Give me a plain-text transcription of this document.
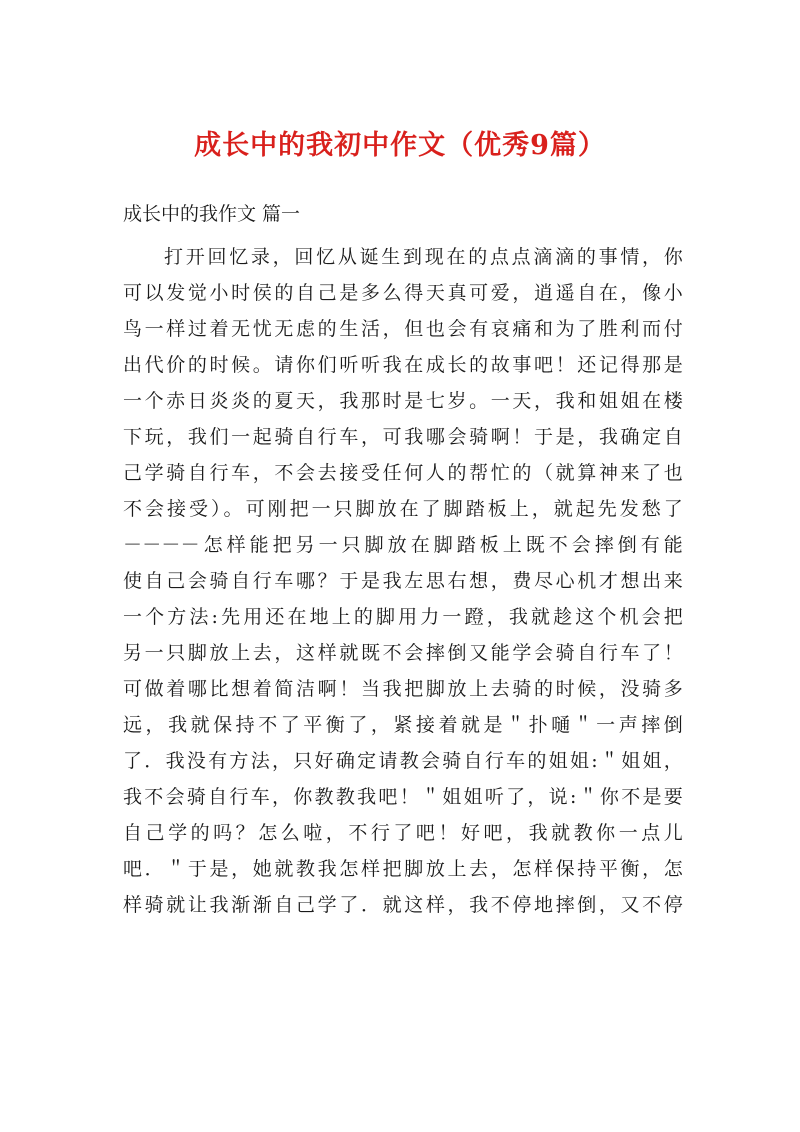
成长中的我初中作文（优秀9篇）
成长中的我作文 篇一
打开回忆录，回忆从诞生到现在的点点滴滴的事情，你
可以发觉小时侯的自己是多么得天真可爱，逍遥自在，像小
鸟一样过着无忧无虑的生活，但也会有哀痛和为了胜利而付
出代价的时候。请你们听听我在成长的故事吧！还记得那是
一个赤日炎炎的夏天，我那时是七岁。一天，我和姐姐在楼
下玩，我们一起骑自行车，可我哪会骑啊！于是，我确定自
己学骑自行车，不会去接受任何人的帮忙的（就算神来了也
不会接受）。可刚把一只脚放在了脚踏板上，就起先发愁了
－－－－怎样能把另一只脚放在脚踏板上既不会摔倒有能
使自己会骑自行车哪？于是我左思右想，费尽心机才想出来
一个方法:先用还在地上的脚用力一蹬，我就趁这个机会把
另一只脚放上去，这样就既不会摔倒又能学会骑自行车了！
可做着哪比想着简洁啊！当我把脚放上去骑的时候，没骑多
远，我就保持不了平衡了，紧接着就是＂扑嗵＂一声摔倒
了．我没有方法，只好确定请教会骑自行车的姐姐:＂姐姐，
我不会骑自行车，你教教我吧！＂姐姐听了，说:＂你不是要
自己学的吗？怎么啦，不行了吧！好吧，我就教你一点儿
吧．＂于是，她就教我怎样把脚放上去，怎样保持平衡，怎
样骑就让我渐渐自己学了．就这样，我不停地摔倒，又不停
